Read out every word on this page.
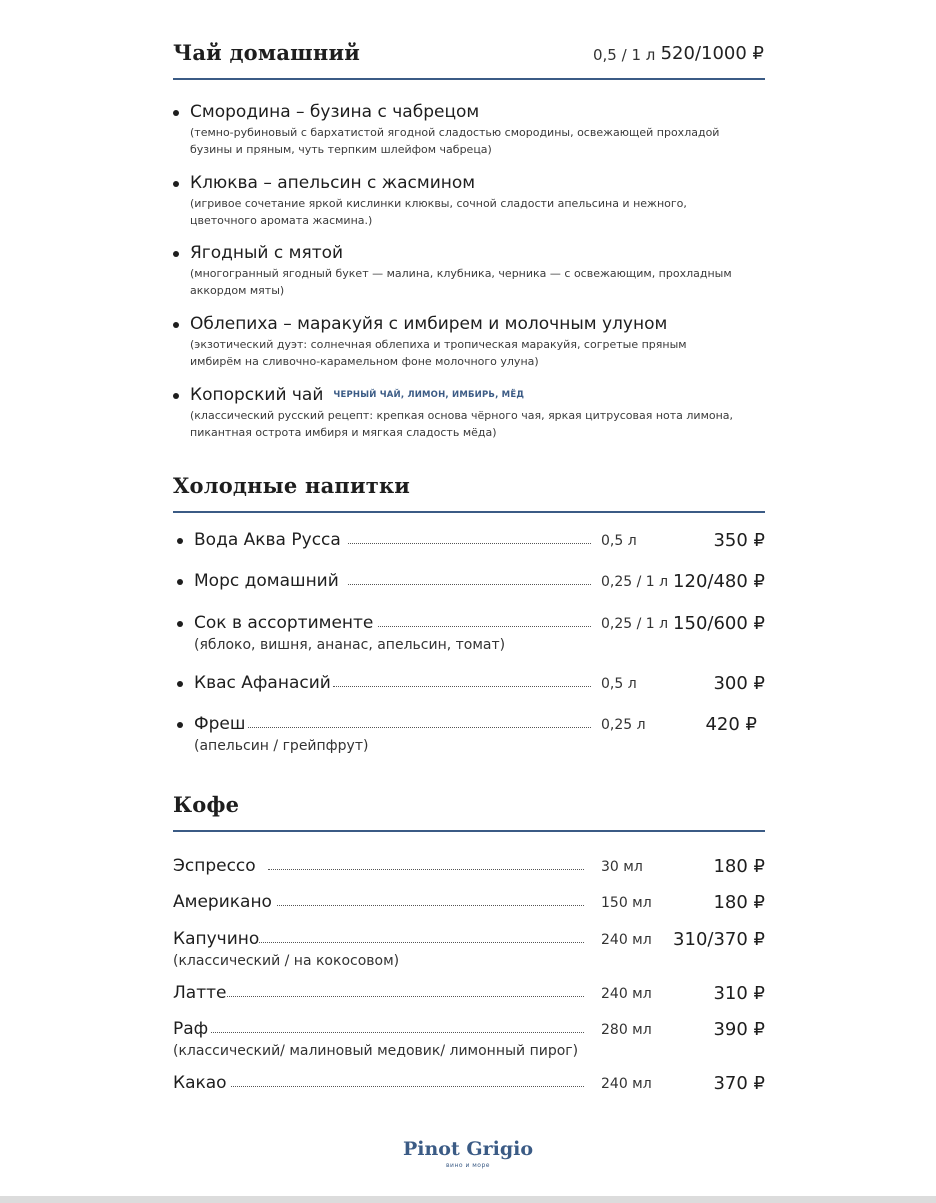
Чай домашний	0,5 / 1 л 520/1000 ₽
Смородина – бузина с чабрецом
(темно-рубиновый с бархатистой ягодной сладостью смородины, освежающей прохладой
бузины и пряным, чуть терпким шлейфом чабреца)
Клюква – апельсин с жасмином
(игривое сочетание яркой кислинки клюквы, сочной сладости апельсина и нежного,
цветочного аромата жасмина.)
Ягодный с мятой
(многогранный ягодный букет — малина, клубника, черника — с освежающим, прохладным
аккордом мяты)
Облепиха – маракуйя с имбирем и молочным улуном
(экзотический дуэт: солнечная облепиха и тропическая маракуйя, согретые пряным
имбирём на сливочно-карамельном фоне молочного улуна)
Копорский чай ЧЕРНЫЙ ЧАЙ, ЛИМОН, ИМБИРЬ, МЁД
(классический русский рецепт: крепкая основа чёрного чая, яркая цитрусовая нота лимона,
пикантная острота имбиря и мягкая сладость мёда)
Холодные напитки
Вода Аква Русса	0,5 л	350 ₽
Морс домашний	0,25 / 1 л 120/480 ₽
Сок в ассортименте	0,25 / 1 л 150/600 ₽
(яблоко, вишня, ананас, апельсин, томат)
Квас Афанасий	0,5 л	300 ₽
Фреш	0,25 л	420 ₽
(апельсин / грейпфрут)
Кофе
Эспрессо	30 мл	180 ₽
Американо	150 мл	180 ₽
Капучино	240 мл 310/370 ₽
(классический / на кокосовом)
Латте	240 мл	310 ₽
Раф	280 мл	390 ₽
(классический/ малиновый медовик/ лимонный пирог)
Какао	240 мл	370 ₽
Pinot Grigio
вино и море
